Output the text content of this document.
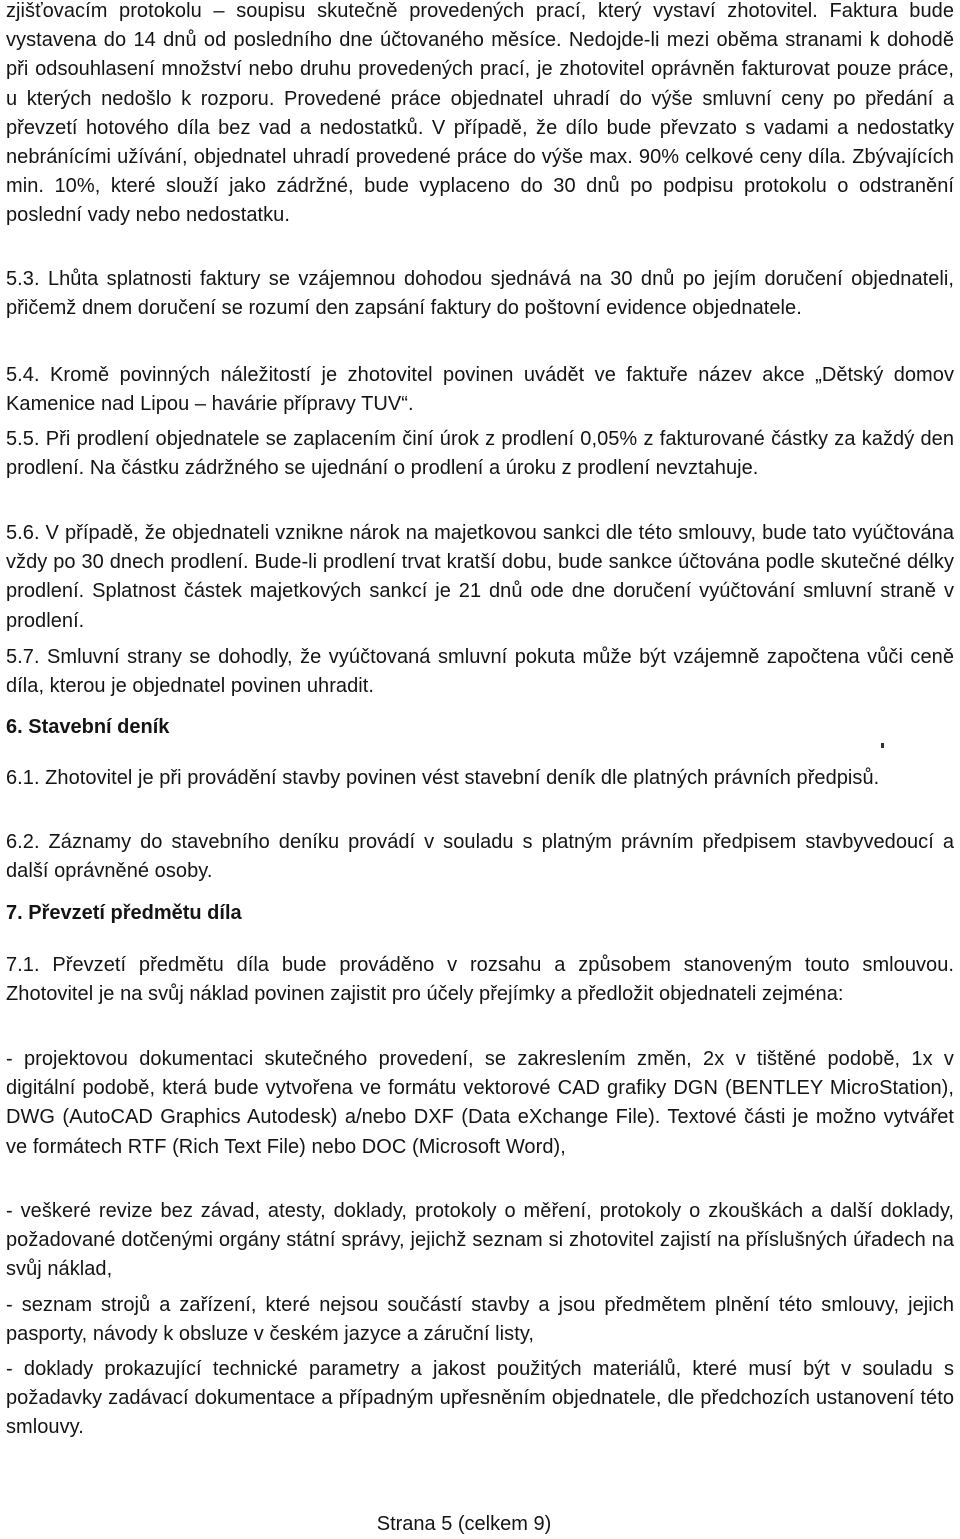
zjišťovacím protokolu – soupisu skutečně provedených prací, který vystaví zhotovitel. Faktura bude vystavena do 14 dnů od posledního dne účtovaného měsíce. Nedojde-li mezi oběma stranami k dohodě při odsouhlasení množství nebo druhu provedených prací, je zhotovitel oprávněn fakturovat pouze práce, u kterých nedošlo k rozporu. Provedené práce objednatel uhradí do výše smluvní ceny po předání a převzetí hotového díla bez vad a nedostatků. V případě, že dílo bude převzato s vadami a nedostatky nebránícími užívání, objednatel uhradí provedené práce do výše max. 90% celkové ceny díla. Zbývajících min. 10%, které slouží jako zádržné, bude vyplaceno do 30 dnů po podpisu protokolu o odstranění poslední vady nebo nedostatku.

5.3. Lhůta splatnosti faktury se vzájemnou dohodou sjednává na 30 dnů po jejím doručení objednateli, přičemž dnem doručení se rozumí den zapsání faktury do poštovní evidence objednatele.

5.4. Kromě povinných náležitostí je zhotovitel povinen uvádět ve faktuře název akce „Dětský domov Kamenice nad Lipou – havárie přípravy TUV“.

5.5. Při prodlení objednatele se zaplacením činí úrok z prodlení 0,05% z fakturované částky za každý den prodlení. Na částku zádržného se ujednání o prodlení a úroku z prodlení nevztahuje.

5.6. V případě, že objednateli vznikne nárok na majetkovou sankci dle této smlouvy, bude tato vyúčtována vždy po 30 dnech prodlení. Bude-li prodlení trvat kratší dobu, bude sankce účtována podle skutečné délky prodlení. Splatnost částek majetkových sankcí je 21 dnů ode dne doručení vyúčtování smluvní straně v prodlení.

5.7. Smluvní strany se dohodly, že vyúčtovaná smluvní pokuta může být vzájemně započtena vůči ceně díla, kterou je objednatel povinen uhradit.

6. Stavební deník

6.1. Zhotovitel je při provádění stavby povinen vést stavební deník dle platných právních předpisů.

6.2. Záznamy do stavebního deníku provádí v souladu s platným právním předpisem stavbyvedoucí a další oprávněné osoby.

7. Převzetí předmětu díla

7.1. Převzetí předmětu díla bude prováděno v rozsahu a způsobem stanoveným touto smlouvou. Zhotovitel je na svůj náklad povinen zajistit pro účely přejímky a předložit objednateli zejména:

- projektovou dokumentaci skutečného provedení, se zakreslením změn, 2x v tištěné podobě, 1x v digitální podobě, která bude vytvořena ve formátu vektorové CAD grafiky DGN (BENTLEY MicroStation), DWG (AutoCAD Graphics Autodesk) a/nebo DXF (Data eXchange File). Textové části je možno vytvářet ve formátech RTF (Rich Text File) nebo DOC (Microsoft Word),

- veškeré revize bez závad, atesty, doklady, protokoly o měření, protokoly o zkouškách a další doklady, požadované dotčenými orgány státní správy, jejichž seznam si zhotovitel zajistí na příslušných úřadech na svůj náklad,

- seznam strojů a zařízení, které nejsou součástí stavby a jsou předmětem plnění této smlouvy, jejich pasporty, návody k obsluze v českém jazyce a záruční listy,

- doklady prokazující technické parametry a jakost použitých materiálů, které musí být v souladu s požadavky zadávací dokumentace a případným upřesněním objednatele, dle předchozích ustanovení této smlouvy.

Strana 5 (celkem 9)
